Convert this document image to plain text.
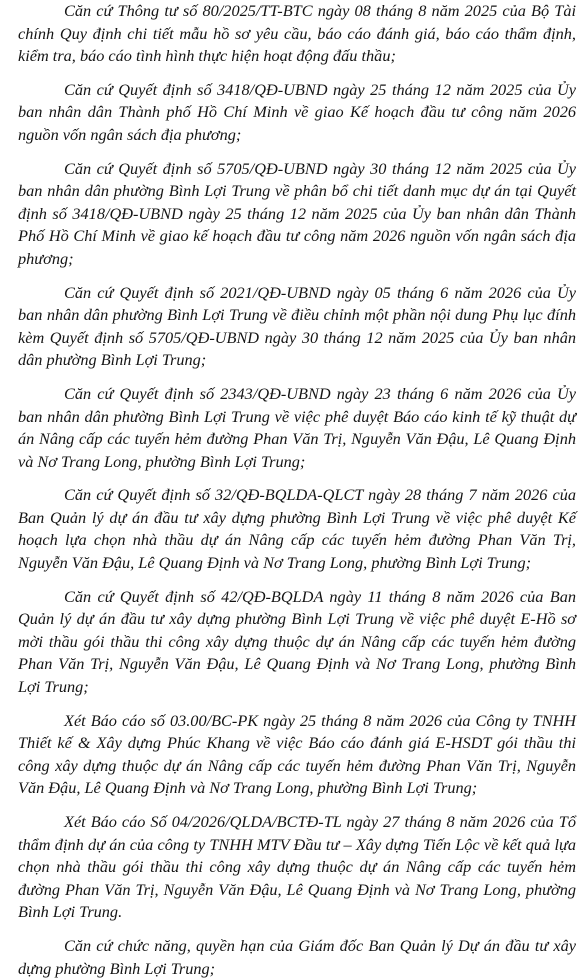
Căn cứ Thông tư số 80/2025/TT-BTC ngày 08 tháng 8 năm 2025 của Bộ Tài chính Quy định chi tiết mẫu hồ sơ yêu cầu, báo cáo đánh giá, báo cáo thẩm định, kiểm tra, báo cáo tình hình thực hiện hoạt động đấu thầu;

Căn cứ Quyết định số 3418/QĐ-UBND ngày 25 tháng 12 năm 2025 của Ủy ban nhân dân Thành phố Hồ Chí Minh về giao Kế hoạch đầu tư công năm 2026 nguồn vốn ngân sách địa phương;

Căn cứ Quyết định số 5705/QĐ-UBND ngày 30 tháng 12 năm 2025 của Ủy ban nhân dân phường Bình Lợi Trung về phân bổ chi tiết danh mục dự án tại Quyết định số 3418/QĐ-UBND ngày 25 tháng 12 năm 2025 của Ủy ban nhân dân Thành Phố Hồ Chí Minh về giao kế hoạch đầu tư công năm 2026 nguồn vốn ngân sách địa phương;

Căn cứ Quyết định số 2021/QĐ-UBND ngày 05 tháng 6 năm 2026 của Ủy ban nhân dân phường Bình Lợi Trung về điều chỉnh một phần nội dung Phụ lục đính kèm Quyết định số 5705/QĐ-UBND ngày 30 tháng 12 năm 2025 của Ủy ban nhân dân phường Bình Lợi Trung;

Căn cứ Quyết định số 2343/QĐ-UBND ngày 23 tháng 6 năm 2026 của Ủy ban nhân dân phường Bình Lợi Trung về việc phê duyệt Báo cáo kinh tế kỹ thuật dự án Nâng cấp các tuyến hẻm đường Phan Văn Trị, Nguyễn Văn Đậu, Lê Quang Định và Nơ Trang Long, phường Bình Lợi Trung;

Căn cứ Quyết định số 32/QĐ-BQLDA-QLCT ngày 28 tháng 7 năm 2026 của Ban Quản lý dự án đầu tư xây dựng phường Bình Lợi Trung về việc phê duyệt Kế hoạch lựa chọn nhà thầu dự án Nâng cấp các tuyến hẻm đường Phan Văn Trị, Nguyễn Văn Đậu, Lê Quang Định và Nơ Trang Long, phường Bình Lợi Trung;

Căn cứ Quyết định số 42/QĐ-BQLDA ngày 11 tháng 8 năm 2026 của Ban Quản lý dự án đầu tư xây dựng phường Bình Lợi Trung về việc phê duyệt E-Hồ sơ mời thầu gói thầu thi công xây dựng thuộc dự án Nâng cấp các tuyến hẻm đường Phan Văn Trị, Nguyễn Văn Đậu, Lê Quang Định và Nơ Trang Long, phường Bình Lợi Trung;

Xét Báo cáo số 03.00/BC-PK ngày 25 tháng 8 năm 2026 của Công ty TNHH Thiết kế & Xây dựng Phúc Khang về việc Báo cáo đánh giá E-HSDT gói thầu thi công xây dựng thuộc dự án Nâng cấp các tuyến hẻm đường Phan Văn Trị, Nguyễn Văn Đậu, Lê Quang Định và Nơ Trang Long, phường Bình Lợi Trung;

Xét Báo cáo Số 04/2026/QLDA/BCTĐ-TL ngày 27 tháng 8 năm 2026 của Tổ thẩm định dự án của công ty TNHH MTV Đầu tư – Xây dựng Tiến Lộc về kết quả lựa chọn nhà thầu gói thầu thi công xây dựng thuộc dự án Nâng cấp các tuyến hẻm đường Phan Văn Trị, Nguyễn Văn Đậu, Lê Quang Định và Nơ Trang Long, phường Bình Lợi Trung.

Căn cứ chức năng, quyền hạn của Giám đốc Ban Quản lý Dự án đầu tư xây dựng phường Bình Lợi Trung;
